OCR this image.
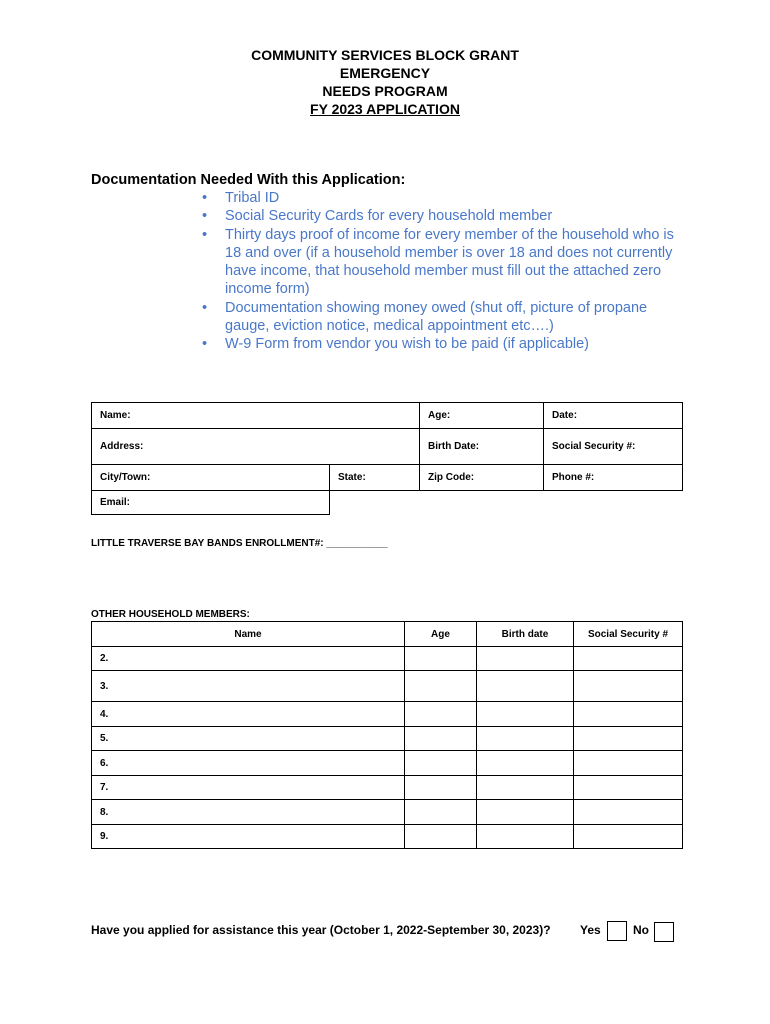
COMMUNITY SERVICES BLOCK GRANT
EMERGENCY
NEEDS PROGRAM
FY 2023 APPLICATION
Documentation Needed With this Application:
• Tribal ID
• Social Security Cards for every household member
• Thirty days proof of income for every member of the household who is 18 and over (if a household member is over 18 and does not currently have income, that household member must fill out the attached zero income form)
• Documentation showing money owed (shut off, picture of propane gauge, eviction notice, medical appointment etc….)
• W-9 Form from vendor you wish to be paid (if applicable)
Name:		Age:	Date:
Address:		Birth Date:	Social Security #:
City/Town:	State:	Zip Code:	Phone #:
Email:			
LITTLE TRAVERSE BAY BANDS ENROLLMENT#: ___________
OTHER HOUSEHOLD MEMBERS:
Name	Age	Birth date	Social Security #
2.			
3.			
4.			
5.			
6.			
7.			
8.			
9.			
Have you applied for assistance this year (October 1, 2022-September 30, 2023)? Yes	No
